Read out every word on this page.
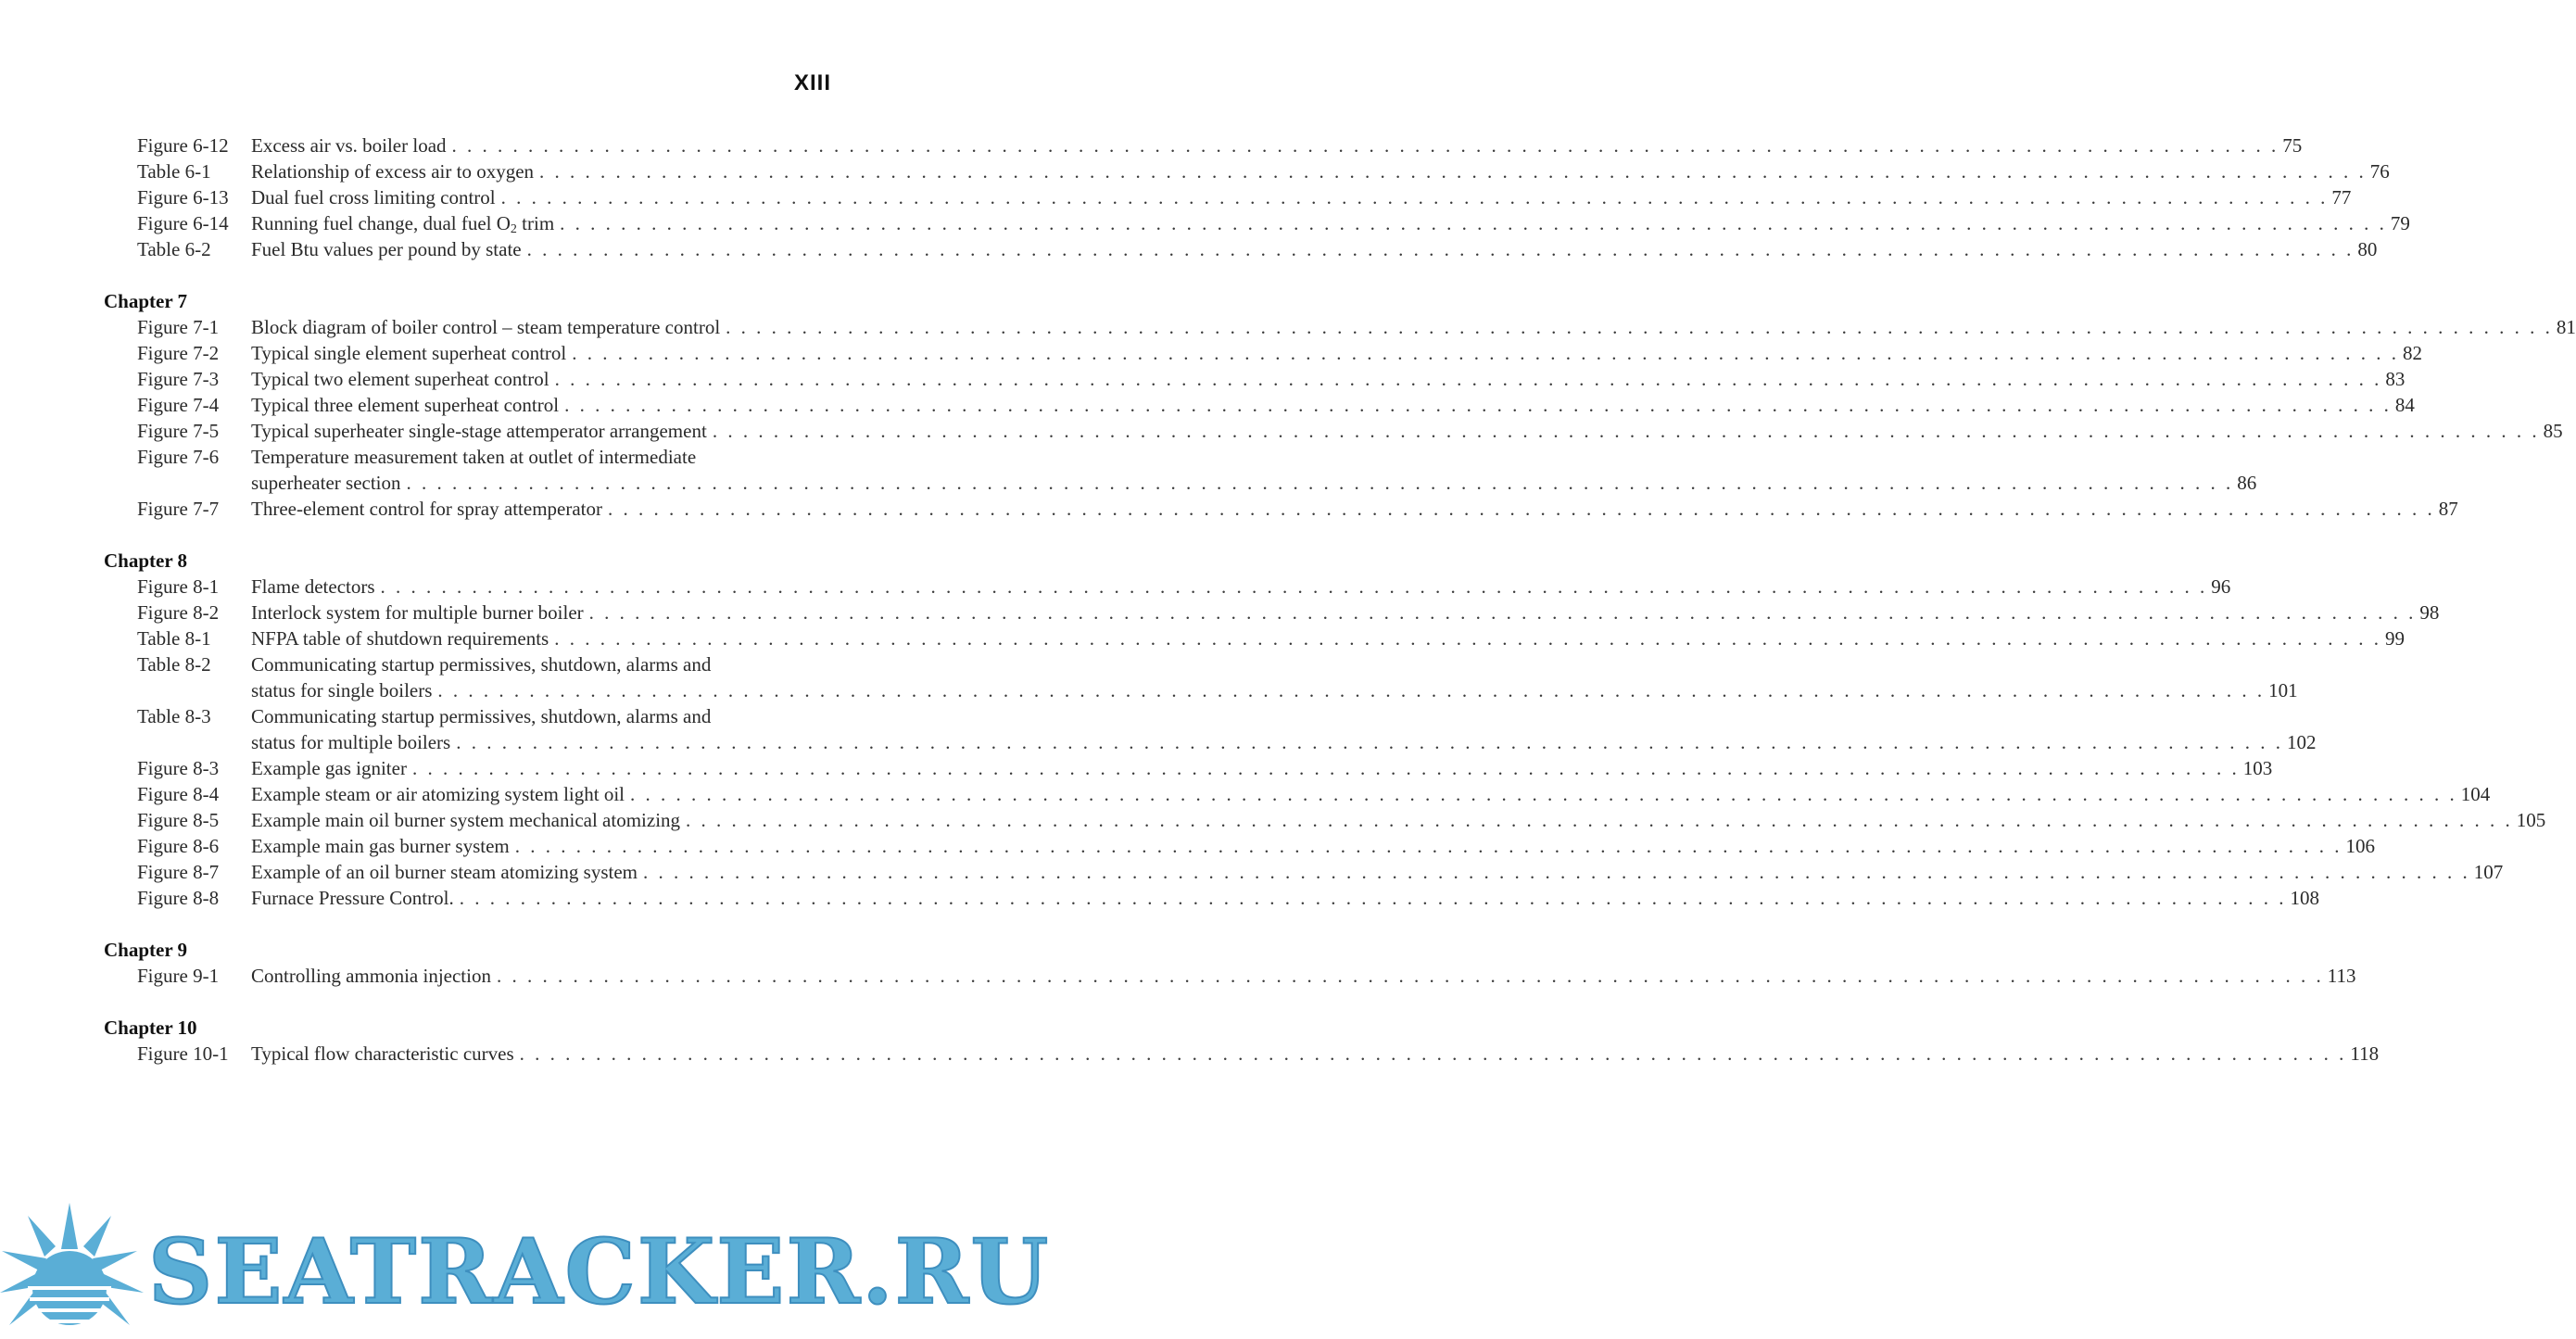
XIII
Figure 6-12 Excess air vs. boiler load . . . . . . . . . . . . . . . . . . . . . . . . . . . . . . . . . . . . . . . . . . . . . . . . . . . . . . . . . . . . . . . . . . . . . . . . . . . . . . . . . . . . . . . . . . . . . . . . . . . . . . . . . . . . . . . . . . . . . . . . 75
Table 6-1 Relationship of excess air to oxygen . . . . . . . . . . . . . . . . . . . . . . . . . . . . . . . . . . . . . . . . . . . . . . . . . . . . . . . . . . . . . . . . . . . . . . . . . . . . . . . . . . . . . . . . . . . . . . . . . . . . . . . . . . . . . . . . . . . . . . . . 76
Figure 6-13 Dual fuel cross limiting control . . . . . . . . . . . . . . . . . . . . . . . . . . . . . . . . . . . . . . . . . . . . . . . . . . . . . . . . . . . . . . . . . . . . . . . . . . . . . . . . . . . . . . . . . . . . . . . . . . . . . . . . . . . . . . . . . . . . . . . . 77
Figure 6-14 Running fuel change, dual fuel $O_2$ trim . . . . . . . . . . . . . . . . . . . . . . . . . . . . . . . . . . . . . . . . . . . . . . . . . . . . . . . . . . . . . . . . . . . . . . . . . . . . . . . . . . . . . . . . . . . . . . . . . . . . . . . . . . . . . . . . . . . . . . . . 79
Table 6-2 Fuel Btu values per pound by state . . . . . . . . . . . . . . . . . . . . . . . . . . . . . . . . . . . . . . . . . . . . . . . . . . . . . . . . . . . . . . . . . . . . . . . . . . . . . . . . . . . . . . . . . . . . . . . . . . . . . . . . . . . . . . . . . . . . . . . . 80
Chapter 7
Figure 7-1 Block diagram of boiler control – steam temperature control . . . . . . . . . . . . . . . . . . . . . . . . . . . . . . . . . . . . . . . . . . . . . . . . . . . . . . . . . . . . . . . . . . . . . . . . . . . . . . . . . . . . . . . . . . . . . . . . . . . . . . . . . . . . . . . . . . . . . . . . 81
Figure 7-2 Typical single element superheat control . . . . . . . . . . . . . . . . . . . . . . . . . . . . . . . . . . . . . . . . . . . . . . . . . . . . . . . . . . . . . . . . . . . . . . . . . . . . . . . . . . . . . . . . . . . . . . . . . . . . . . . . . . . . . . . . . . . . . . . . 82
Figure 7-3 Typical two element superheat control . . . . . . . . . . . . . . . . . . . . . . . . . . . . . . . . . . . . . . . . . . . . . . . . . . . . . . . . . . . . . . . . . . . . . . . . . . . . . . . . . . . . . . . . . . . . . . . . . . . . . . . . . . . . . . . . . . . . . . . . 83
Figure 7-4 Typical three element superheat control . . . . . . . . . . . . . . . . . . . . . . . . . . . . . . . . . . . . . . . . . . . . . . . . . . . . . . . . . . . . . . . . . . . . . . . . . . . . . . . . . . . . . . . . . . . . . . . . . . . . . . . . . . . . . . . . . . . . . . . . 84
Figure 7-5 Typical superheater single-stage attemperator arrangement . . . . . . . . . . . . . . . . . . . . . . . . . . . . . . . . . . . . . . . . . . . . . . . . . . . . . . . . . . . . . . . . . . . . . . . . . . . . . . . . . . . . . . . . . . . . . . . . . . . . . . . . . . . . . . . . . . . . . . . . 85
Figure 7-6 Temperature measurement taken at outlet of intermediate
superheater section . . . . . . . . . . . . . . . . . . . . . . . . . . . . . . . . . . . . . . . . . . . . . . . . . . . . . . . . . . . . . . . . . . . . . . . . . . . . . . . . . . . . . . . . . . . . . . . . . . . . . . . . . . . . . . . . . . . . . . . . 86
Figure 7-7 Three-element control for spray attemperator . . . . . . . . . . . . . . . . . . . . . . . . . . . . . . . . . . . . . . . . . . . . . . . . . . . . . . . . . . . . . . . . . . . . . . . . . . . . . . . . . . . . . . . . . . . . . . . . . . . . . . . . . . . . . . . . . . . . . . . . 87
Chapter 8
Figure 8-1 Flame detectors . . . . . . . . . . . . . . . . . . . . . . . . . . . . . . . . . . . . . . . . . . . . . . . . . . . . . . . . . . . . . . . . . . . . . . . . . . . . . . . . . . . . . . . . . . . . . . . . . . . . . . . . . . . . . . . . . . . . . . . . 96
Figure 8-2 Interlock system for multiple burner boiler . . . . . . . . . . . . . . . . . . . . . . . . . . . . . . . . . . . . . . . . . . . . . . . . . . . . . . . . . . . . . . . . . . . . . . . . . . . . . . . . . . . . . . . . . . . . . . . . . . . . . . . . . . . . . . . . . . . . . . . . 98
Table 8-1 NFPA table of shutdown requirements . . . . . . . . . . . . . . . . . . . . . . . . . . . . . . . . . . . . . . . . . . . . . . . . . . . . . . . . . . . . . . . . . . . . . . . . . . . . . . . . . . . . . . . . . . . . . . . . . . . . . . . . . . . . . . . . . . . . . . . . 99
Table 8-2 Communicating startup permissives, shutdown, alarms and
status for single boilers . . . . . . . . . . . . . . . . . . . . . . . . . . . . . . . . . . . . . . . . . . . . . . . . . . . . . . . . . . . . . . . . . . . . . . . . . . . . . . . . . . . . . . . . . . . . . . . . . . . . . . . . . . . . . . . . . . . . . . . . 101
Table 8-3 Communicating startup permissives, shutdown, alarms and
status for multiple boilers . . . . . . . . . . . . . . . . . . . . . . . . . . . . . . . . . . . . . . . . . . . . . . . . . . . . . . . . . . . . . . . . . . . . . . . . . . . . . . . . . . . . . . . . . . . . . . . . . . . . . . . . . . . . . . . . . . . . . . . . 102
Figure 8-3 Example gas igniter . . . . . . . . . . . . . . . . . . . . . . . . . . . . . . . . . . . . . . . . . . . . . . . . . . . . . . . . . . . . . . . . . . . . . . . . . . . . . . . . . . . . . . . . . . . . . . . . . . . . . . . . . . . . . . . . . . . . . . . . 103
Figure 8-4 Example steam or air atomizing system light oil . . . . . . . . . . . . . . . . . . . . . . . . . . . . . . . . . . . . . . . . . . . . . . . . . . . . . . . . . . . . . . . . . . . . . . . . . . . . . . . . . . . . . . . . . . . . . . . . . . . . . . . . . . . . . . . . . . . . . . . . 104
Figure 8-5 Example main oil burner system mechanical atomizing . . . . . . . . . . . . . . . . . . . . . . . . . . . . . . . . . . . . . . . . . . . . . . . . . . . . . . . . . . . . . . . . . . . . . . . . . . . . . . . . . . . . . . . . . . . . . . . . . . . . . . . . . . . . . . . . . . . . . . . . 105
Figure 8-6 Example main gas burner system . . . . . . . . . . . . . . . . . . . . . . . . . . . . . . . . . . . . . . . . . . . . . . . . . . . . . . . . . . . . . . . . . . . . . . . . . . . . . . . . . . . . . . . . . . . . . . . . . . . . . . . . . . . . . . . . . . . . . . . . 106
Figure 8-7 Example of an oil burner steam atomizing system . . . . . . . . . . . . . . . . . . . . . . . . . . . . . . . . . . . . . . . . . . . . . . . . . . . . . . . . . . . . . . . . . . . . . . . . . . . . . . . . . . . . . . . . . . . . . . . . . . . . . . . . . . . . . . . . . . . . . . . . 107
Figure 8-8 Furnace Pressure Control. . . . . . . . . . . . . . . . . . . . . . . . . . . . . . . . . . . . . . . . . . . . . . . . . . . . . . . . . . . . . . . . . . . . . . . . . . . . . . . . . . . . . . . . . . . . . . . . . . . . . . . . . . . . . . . . . . . . . . . . . 108
Chapter 9
Figure 9-1 Controlling ammonia injection . . . . . . . . . . . . . . . . . . . . . . . . . . . . . . . . . . . . . . . . . . . . . . . . . . . . . . . . . . . . . . . . . . . . . . . . . . . . . . . . . . . . . . . . . . . . . . . . . . . . . . . . . . . . . . . . . . . . . . . . 113
Chapter 10
Figure 10-1 Typical flow characteristic curves . . . . . . . . . . . . . . . . . . . . . . . . . . . . . . . . . . . . . . . . . . . . . . . . . . . . . . . . . . . . . . . . . . . . . . . . . . . . . . . . . . . . . . . . . . . . . . . . . . . . . . . . . . . . . . . . . . . . . . . . 118
SEATRACKER.RU
